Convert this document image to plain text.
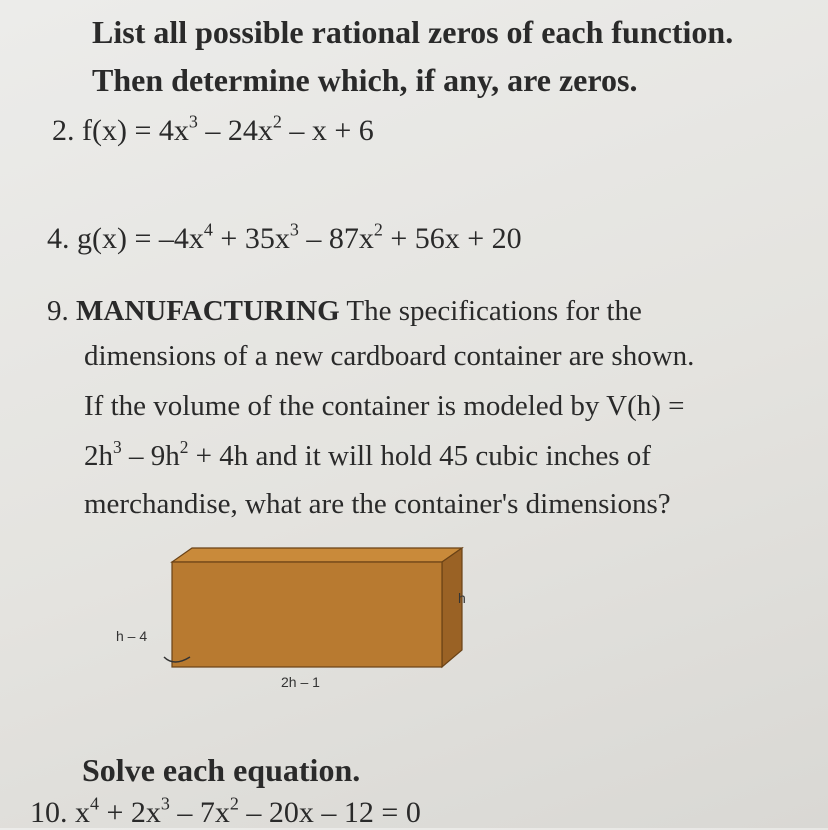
List all possible rational zeros of each function.
Then determine which, if any, are zeros.
2. $f(x) = 4x^3 - 24x^2 - x + 6$
4. $g(x) = -4x^4 + 35x^3 - 87x^2 + 56x + 20$
9. MANUFACTURING The specifications for the
dimensions of a new cardboard container are shown.
If the volume of the container is modeled by V(h) =
$2h^3 - 9h^2 + 4h$ and it will hold 45 cubic inches of
merchandise, what are the container's dimensions?
h
h – 4
2h – 1
Solve each equation.
10. $x^4 + 2x^3 - 7x^2 - 20x - 12 = 0$
